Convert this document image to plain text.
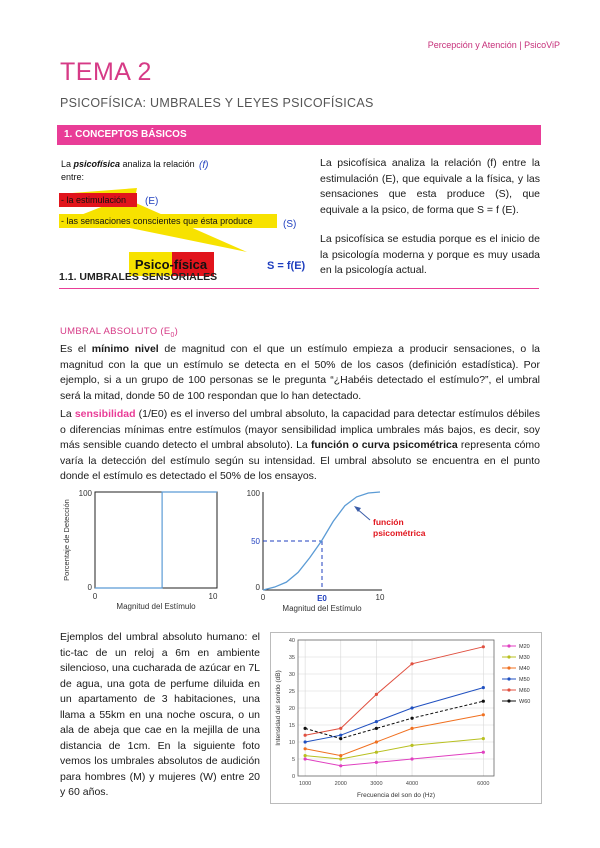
Percepción y Atención | PsicoViP
TEMA 2
PSICOFÍSICA: UMBRALES Y LEYES PSICOFÍSICAS
1. CONCEPTOS BÁSICOS
La psicofísica analiza la relación (f)
entre:
- la estimulación (E)
- las sensaciones conscientes que ésta produce	(S)
Psico-física	S = f(E)
La psicofísica analiza la relación (f) entre la estimulación (E), que equivale a la física, y las sensaciones que esta produce (S), que equivale a la psico, de forma que S = f (E).
La psicofísica se estudia porque es el inicio de la psicología moderna y porque es muy usada en la psicología actual.
1.1. UMBRALES SENSORIALES
UMBRAL ABSOLUTO $(E_0)$
Es el mínimo nivel de magnitud con el que un estímulo empieza a producir sensaciones, o la magnitud con la que un estímulo se detecta en el 50% de los casos (definición estadística). Por ejemplo, si a un grupo de 100 personas se le pregunta “¿Habéis detectado el estímulo?”, el umbral será la mitad, donde 50 de 100 respondan que lo han detectado.
La sensibilidad (1/E0) es el inverso del umbral absoluto, la capacidad para detectar estímulos débiles o diferencias mínimas entre estímulos (mayor sensibilidad implica umbrales más bajos, es decir, soy más sensible cuando detecto el umbral absoluto). La función o curva psicométrica representa cómo varía la detección del estímulo según su intensidad. El umbral absoluto se encuentra en el punto donde el estímulo es detectado el 50% de los ensayos.
100
0
0	10
Magnitud del Estímulo
Porcentaje de Detección	función
psicométrica
100
50
0
0	E0	10
Magnitud del Estímulo
Ejemplos del umbral absoluto humano: el tic-tac de un reloj a 6m en ambiente silencioso, una cucharada de azúcar en 7L de agua, una gota de perfume diluida en un apartamento de 3 habitaciones, una llama a 55km en una noche oscura, o un ala de abeja que cae en la mejilla de una distancia de 1cm. En la siguiente foto vemos los umbrales absolutos de audición para hombres (M) y mujeres (W) entre 20 y 60 años.
M20
M30
M40
M50
M60
W60
0
5
10
15
20
25
30
35
40
1000	2000	3000	4000	6000
Intensidad del sonido (dB)
Frecuencia del son do (Hz)
